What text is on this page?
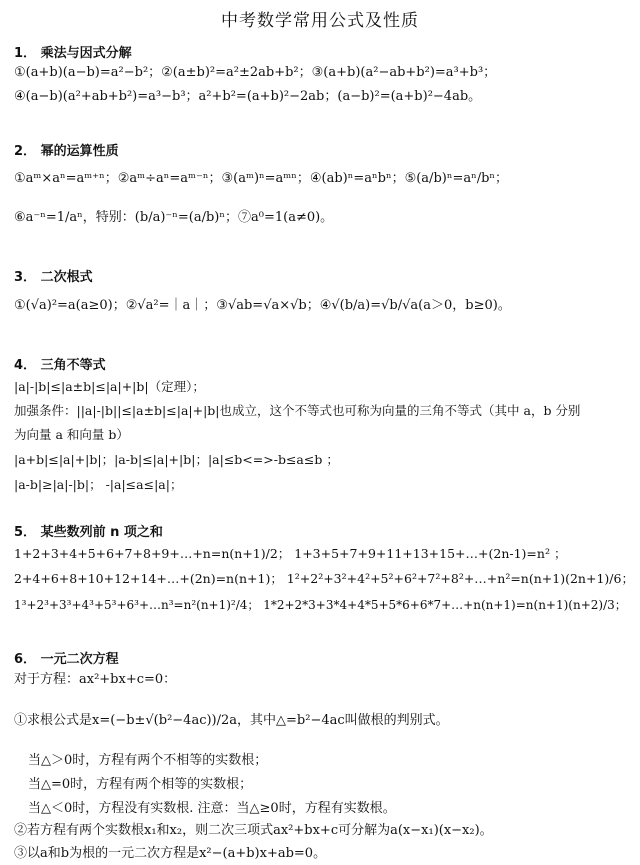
中考数学常用公式及性质
1． 乘法与因式分解
①(a+b)(a−b)=a²−b²；②(a±b)²=a²±2ab+b²；③(a+b)(a²−ab+b²)=a³+b³；
④(a−b)(a²+ab+b²)=a³−b³；a²+b²=(a+b)²−2ab；(a−b)²=(a+b)²−4ab。
2． 幂的运算性质
①aᵐ×aⁿ=aᵐ⁺ⁿ；②aᵐ÷aⁿ=aᵐ⁻ⁿ；③(aᵐ)ⁿ=aᵐⁿ；④(ab)ⁿ=aⁿbⁿ；⑤(a/b)ⁿ=aⁿ/bⁿ；
⑥a⁻ⁿ=1/aⁿ，特别：(b/a)⁻ⁿ=(a/b)ⁿ；⑦a⁰=1(a≠0)。
3． 二次根式
①(√a)²=a(a≥0)；②√a²=｜a｜；③√ab=√a×√b；④√(b/a)=√b/√a(a＞0，b≥0)。
4． 三角不等式
|a|-|b|≤|a±b|≤|a|+|b|（定理）；
加强条件：||a|-|b||≤|a±b|≤|a|+|b|也成立，这个不等式也可称为向量的三角不等式（其中 a，b 分别
为向量 a 和向量 b）
|a+b|≤|a|+|b|；|a-b|≤|a|+|b|；|a|≤b<=>-b≤a≤b ；
|a-b|≥|a|-|b|； -|a|≤a≤|a|；
5． 某些数列前 n 项之和
1+2+3+4+5+6+7+8+9+…+n=n(n+1)/2； 1+3+5+7+9+11+13+15+…+(2n-1)=n² ；
2+4+6+8+10+12+14+…+(2n)=n(n+1)； 1²+2²+3²+4²+5²+6²+7²+8²+…+n²=n(n+1)(2n+1)/6；
1³+2³+3³+4³+5³+6³+…n³=n²(n+1)²/4； 1*2+2*3+3*4+4*5+5*6+6*7+…+n(n+1)=n(n+1)(n+2)/3；
6． 一元二次方程
对于方程：ax²+bx+c=0：
①求根公式是x=(−b±√(b²−4ac))/2a，其中△=b²−4ac叫做根的判别式。
当△＞0时，方程有两个不相等的实数根；
当△=0时，方程有两个相等的实数根；
当△＜0时，方程没有实数根. 注意：当△≥0时，方程有实数根。
②若方程有两个实数根x₁和x₂，则二次三项式ax²+bx+c可分解为a(x−x₁)(x−x₂)。
③以a和b为根的一元二次方程是x²−(a+b)x+ab=0。
